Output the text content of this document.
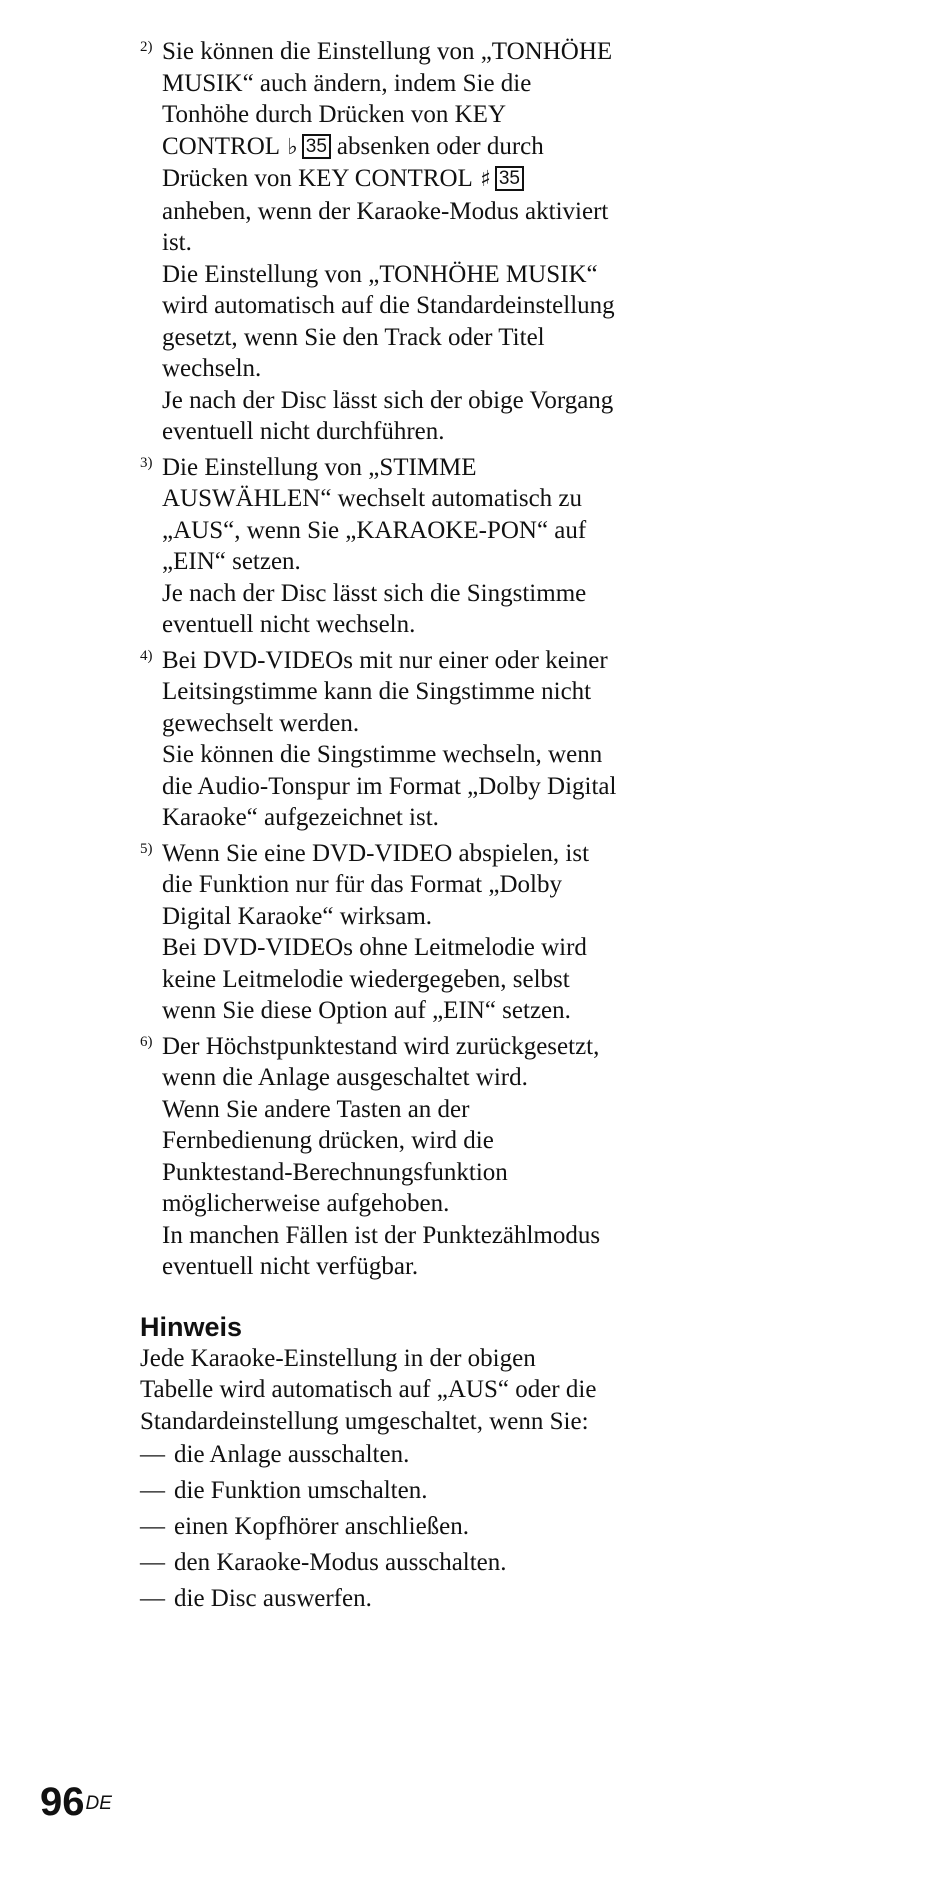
2) Sie können die Einstellung von „TONHÖHE
MUSIK“ auch ändern, indem Sie die
Tonhöhe durch Drücken von KEY
CONTROL ♭ 35 absenken oder durch
Drücken von KEY CONTROL ♯ 35
anheben, wenn der Karaoke-Modus aktiviert
ist.

Die Einstellung von „TONHÖHE MUSIK“
wird automatisch auf die Standardeinstellung
gesetzt, wenn Sie den Track oder Titel
wechseln.

Je nach der Disc lässt sich der obige Vorgang
eventuell nicht durchführen.

3) Die Einstellung von „STIMME
AUSWÄHLEN“ wechselt automatisch zu
„AUS“, wenn Sie „KARAOKE-PON“ auf
„EIN“ setzen.

Je nach der Disc lässt sich die Singstimme
eventuell nicht wechseln.

4) Bei DVD-VIDEOs mit nur einer oder keiner
Leitsingstimme kann die Singstimme nicht
gewechselt werden.

Sie können die Singstimme wechseln, wenn
die Audio-Tonspur im Format „Dolby Digital
Karaoke“ aufgezeichnet ist.

5) Wenn Sie eine DVD-VIDEO abspielen, ist
die Funktion nur für das Format „Dolby
Digital Karaoke“ wirksam.

Bei DVD-VIDEOs ohne Leitmelodie wird
keine Leitmelodie wiedergegeben, selbst
wenn Sie diese Option auf „EIN“ setzen.

6) Der Höchstpunktestand wird zurückgesetzt,
wenn die Anlage ausgeschaltet wird.

Wenn Sie andere Tasten an der
Fernbedienung drücken, wird die
Punktestand-Berechnungsfunktion
möglicherweise aufgehoben.

In manchen Fällen ist der Punktezählmodus
eventuell nicht verfügbar.

Hinweis

Jede Karaoke-Einstellung in der obigen
Tabelle wird automatisch auf „AUS“ oder die
Standardeinstellung umgeschaltet, wenn Sie:

— die Anlage ausschalten.
— die Funktion umschalten.
— einen Kopfhörer anschließen.
— den Karaoke-Modus ausschalten.
— die Disc auswerfen.
96DE
